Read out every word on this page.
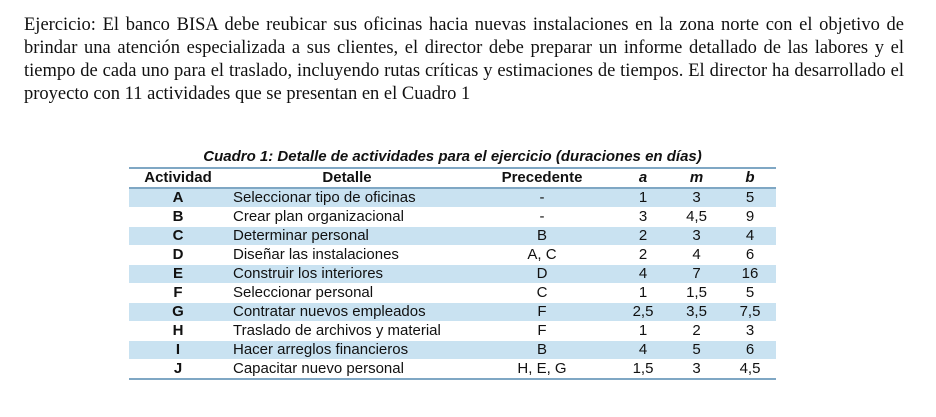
Ejercicio: El banco BISA debe reubicar sus oficinas hacia nuevas instalaciones en la zona norte con el objetivo de brindar una atención especializada a sus clientes, el director debe preparar un informe detallado de las labores y el tiempo de cada uno para el traslado, incluyendo rutas críticas y estimaciones de tiempos. El director ha desarrollado el proyecto con 11 actividades que se presentan en el Cuadro 1

Cuadro 1: Detalle de actividades para el ejercicio (duraciones en días)

Actividad	Detalle	Precedente	a	m	b
A	Seleccionar tipo de oficinas	-	1	3	5
B	Crear plan organizacional	-	3	4,5	9
C	Determinar personal	B	2	3	4
D	Diseñar las instalaciones	A, C	2	4	6
E	Construir los interiores	D	4	7	16
F	Seleccionar personal	C	1	1,5	5
G	Contratar nuevos empleados	F	2,5	3,5	7,5
H	Traslado de archivos y material	F	1	2	3
I	Hacer arreglos financieros	B	4	5	6
J	Capacitar nuevo personal	H, E, G	1,5	3	4,5
